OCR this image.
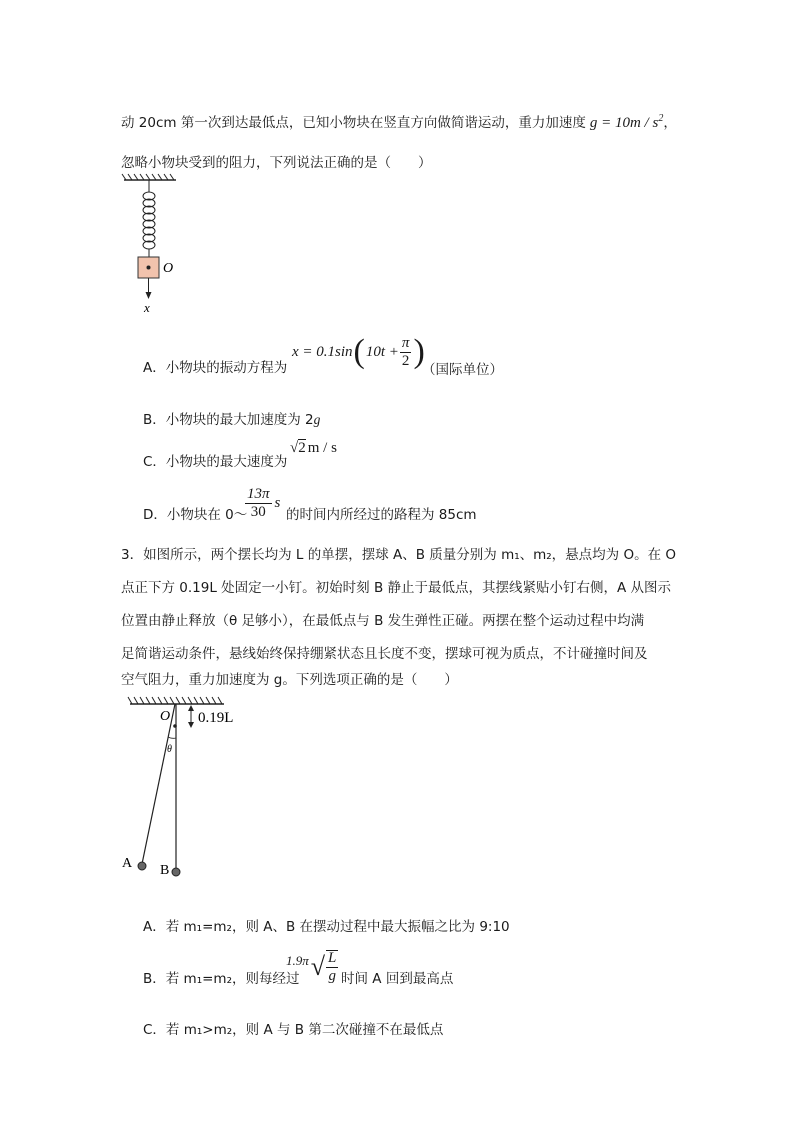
动 20cm 第一次到达最低点，已知小物块在竖直方向做简谐运动，重力加速度 $g = 10m / s^2$，
忽略小物块受到的阻力，下列说法正确的是（　　）
O
x
A．小物块的振动方程为
x = 0.1sin ( $10t + \frac{\pi}{2}$ )
（国际单位）
B．小物块的最大加速度为 2g
C．小物块的最大速度为
√2 m / s
D．小物块在 0～
$\frac{13\pi}{30}$ s
的时间内所经过的路程为 85cm
3．如图所示，两个摆长均为 L 的单摆，摆球 A、B 质量分别为 m₁、m₂，悬点均为 O。在 O
点正下方 0.19L 处固定一小钉。初始时刻 B 静止于最低点，其摆线紧贴小钉右侧，A 从图示
位置由静止释放（θ 足够小），在最低点与 B 发生弹性正碰。两摆在整个运动过程中均满
足简谐运动条件，悬线始终保持绷紧状态且长度不变，摆球可视为质点，不计碰撞时间及
空气阻力，重力加速度为 g。下列选项正确的是（　　）
O 0.19L
θ
A B
A．若 m₁=m₂，则 A、B 在摆动过程中最大振幅之比为 9:10
B．若 m₁=m₂，则每经过
1.9π √ $\frac{L}{g}$ 时间 A 回到最高点
C．若 m₁>m₂，则 A 与 B 第二次碰撞不在最低点
